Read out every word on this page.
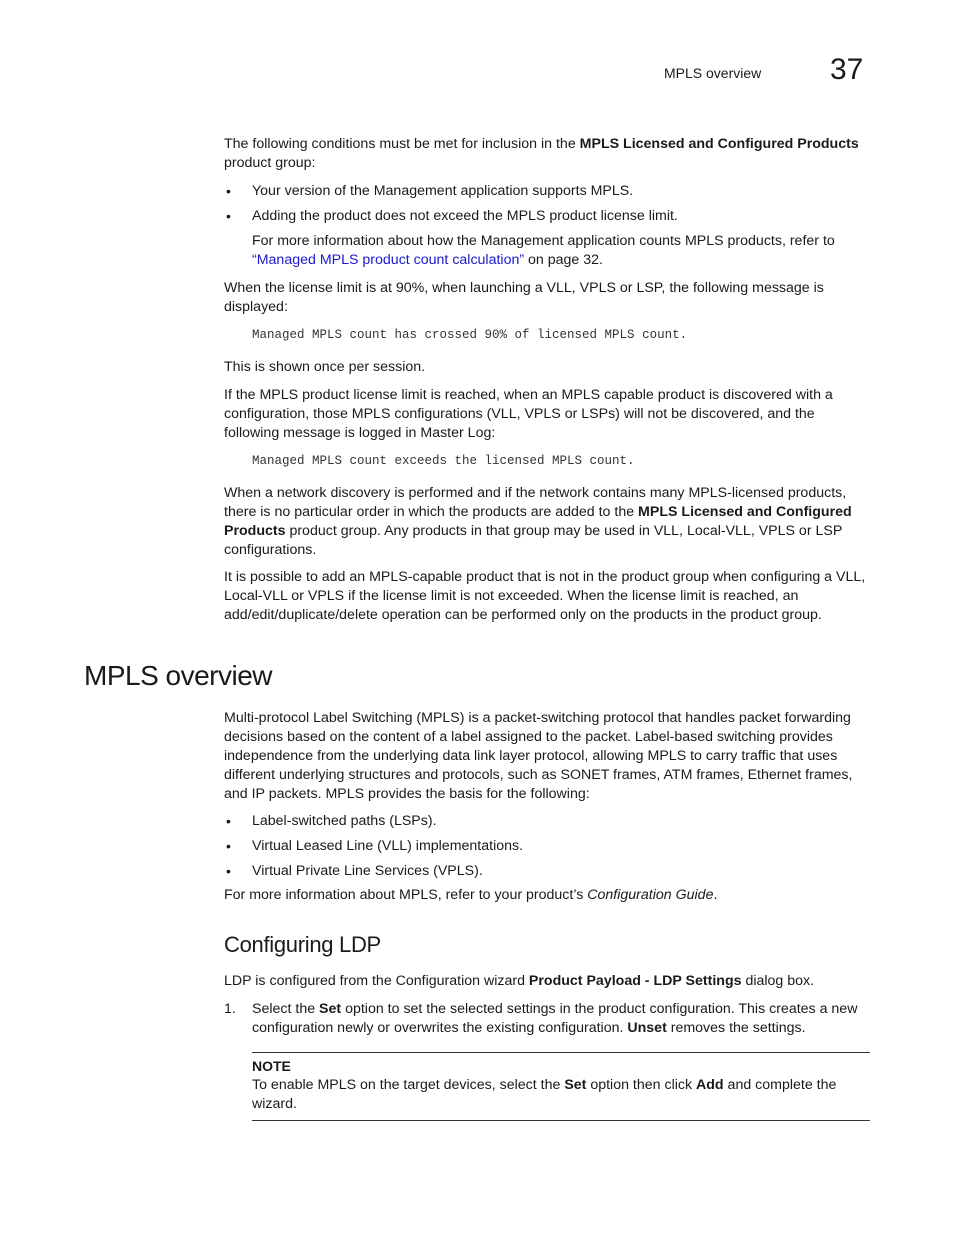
MPLS overview 37

The following conditions must be met for inclusion in the MPLS Licensed and Configured Products
product group:

• Your version of the Management application supports MPLS.
• Adding the product does not exceed the MPLS product license limit.

For more information about how the Management application counts MPLS products, refer to
“Managed MPLS product count calculation” on page 32.

When the license limit is at 90%, when launching a VLL, VPLS or LSP, the following message is displayed:
Managed MPLS count has crossed 90% of licensed MPLS count.
This is shown once per session.
If the MPLS product license limit is reached, when an MPLS capable product is discovered with a configuration, those MPLS configurations (VLL, VPLS or LSPs) will not be discovered, and the following message is logged in Master Log:
Managed MPLS count exceeds the licensed MPLS count.

When a network discovery is performed and if the network contains many MPLS-licensed products, there is no particular order in which the products are added to the MPLS Licensed and Configured Products product group. Any products in that group may be used in VLL, Local-VLL, VPLS or LSP configurations.

It is possible to add an MPLS-capable product that is not in the product group when configuring a VLL, Local-VLL or VPLS if the license limit is not exceeded. When the license limit is reached, an add/edit/duplicate/delete operation can be performed only on the products in the product group.
MPLS overview
Multi-protocol Label Switching (MPLS) is a packet-switching protocol that handles packet forwarding decisions based on the content of a label assigned to the packet. Label-based switching provides independence from the underlying data link layer protocol, allowing MPLS to carry traffic that uses different underlying structures and protocols, such as SONET frames, ATM frames, Ethernet frames, and IP packets. MPLS provides the basis for the following:
• Label-switched paths (LSPs).
• Virtual Leased Line (VLL) implementations.
• Virtual Private Line Services (VPLS).

For more information about MPLS, refer to your product’s Configuration Guide.

Configuring LDP

LDP is configured from the Configuration wizard Product Payload - LDP Settings dialog box.

1. Select the Set option to set the selected settings in the product configuration. This creates a new configuration newly or overwrites the existing configuration. Unset removes the settings.

NOTE

To enable MPLS on the target devices, select the Set option then click Add and complete the wizard.
